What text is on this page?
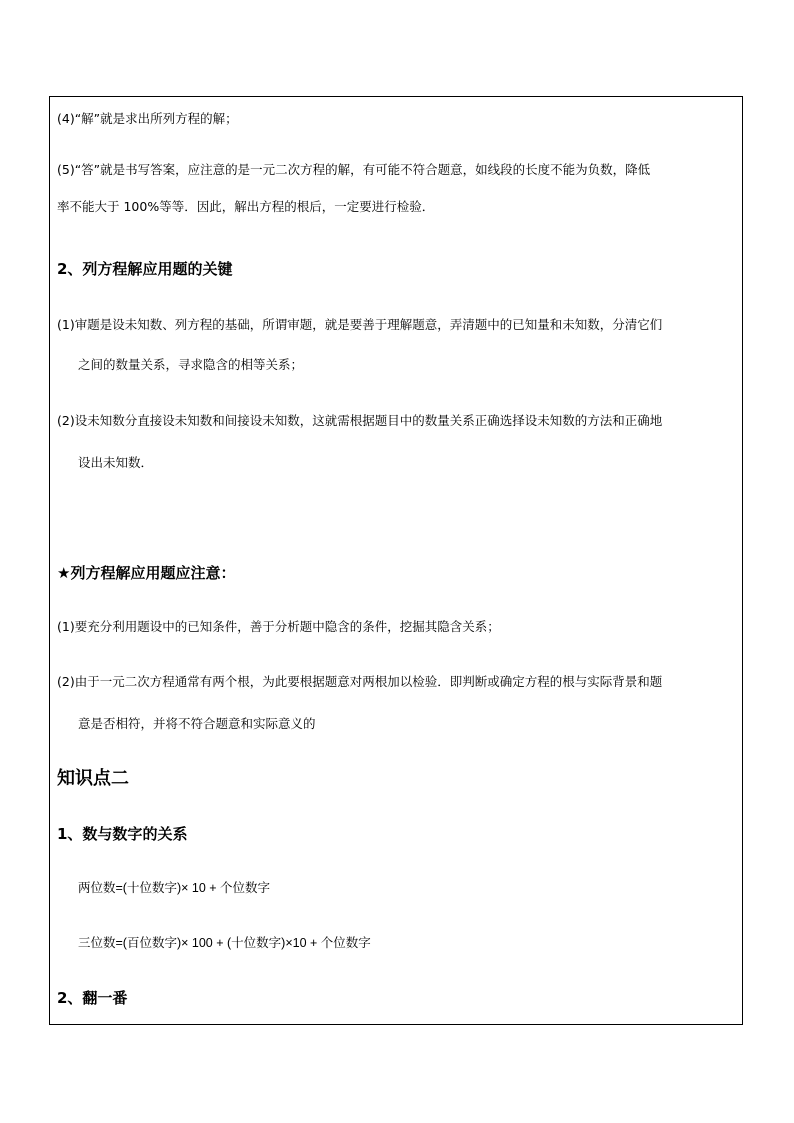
(4)“解”就是求出所列方程的解；
(5)“答”就是书写答案，应注意的是一元二次方程的解，有可能不符合题意，如线段的长度不能为负数，降低
率不能大于 100%等等．因此，解出方程的根后，一定要进行检验．
2、列方程解应用题的关键
(1)审题是设未知数、列方程的基础，所谓审题，就是要善于理解题意，弄清题中的已知量和未知数，分清它们
之间的数量关系，寻求隐含的相等关系；
(2)设未知数分直接设未知数和间接设未知数，这就需根据题目中的数量关系正确选择设未知数的方法和正确地
设出未知数．
★列方程解应用题应注意：
(1)要充分利用题设中的已知条件，善于分析题中隐含的条件，挖掘其隐含关系；
(2)由于一元二次方程通常有两个根，为此要根据题意对两根加以检验．即判断或确定方程的根与实际背景和题
意是否相符，并将不符合题意和实际意义的
知识点二
1、数与数字的关系
两位数=(十位数字)× 10 + 个位数字
三位数=(百位数字)× 100 + (十位数字)×10 + 个位数字
2、翻一番
